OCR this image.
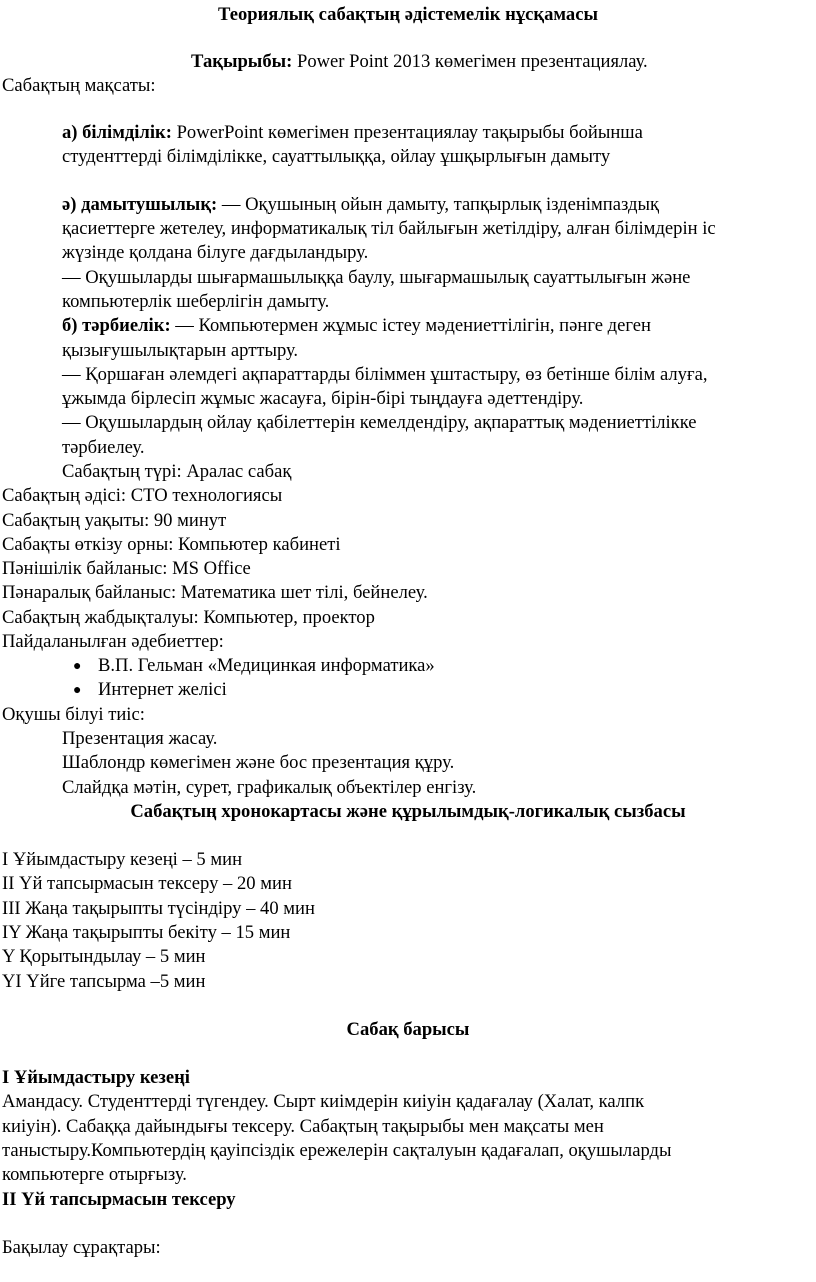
Теориялық сабақтың әдістемелік нұсқамасы
Тақырыбы: Power Point 2013 көмегімен презентациялау.
Сабақтың мақсаты:
а) білімділік: PowerPoint көмегімен презентациялау тақырыбы бойынша
студенттерді білімділікке, сауаттылыққа, ойлау ұшқырлығын дамыту
ә) дамытушылық: — Оқушының ойын дамыту, тапқырлық ізденімпаздық
қасиеттерге жетелеу, информатикалық тіл байлығын жетілдіру, алған білімдерін іс
жүзінде қолдана білуге дағдыландыру.
— Оқушыларды шығармашылыққа баулу, шығармашылық сауаттылығын және
компьютерлік шеберлігін дамыту.
б) тәрбиелік: — Компьютермен жұмыс істеу мәдениеттілігін, пәнге деген
қызығушылықтарын арттыру.
— Қоршаған әлемдегі ақпараттарды біліммен ұштастыру, өз бетінше білім алуға,
ұжымда бірлесіп жұмыс жасауға, бірін-бірі тыңдауға әдеттендіру.
— Оқушылардың ойлау қабілеттерін кемелдендіру, ақпараттық мәдениеттілікке
тәрбиелеу.
Сабақтың түрі: Аралас сабақ
Сабақтың әдісі: СТО технологиясы
Сабақтың уақыты: 90 минут
Сабақты өткізу орны: Компьютер кабинеті
Пәнішілік байланыс: MS Office
Пәнаралық байланыс: Математика шет тілі, бейнелеу.
Сабақтың жабдықталуы: Компьютер, проектор
Пайдаланылған әдебиеттер:
● В.П. Гельман «Медицинкая информатика»
● Интернет желісі
Оқушы білуі тиіс:
Презентация жасау.
Шаблондр көмегімен және бос презентация құру.
Слайдқа мәтін, сурет, графикалық объектілер енгізу.
Сабақтың хронокартасы және құрылымдық-логикалық сызбасы
I Ұйымдастыру кезеңі – 5 мин
II Үй тапсырмасын тексеру – 20 мин
III Жаңа тақырыпты түсіндіру – 40 мин
IY Жаңа тақырыпты бекіту – 15 мин
Y Қорытындылау – 5 мин
YI Үйге тапсырма –5 мин
Сабақ барысы
I Ұйымдастыру кезеңі
Амандасу. Студенттерді түгендеу. Сырт киімдерін киіуін қадағалау (Халат, калпк
киіуін). Сабаққа дайындығы тексеру. Сабақтың тақырыбы мен мақсаты мен
таныстыру.Компьютердің қауіпсіздік ережелерін сақталуын қадағалап, оқушыларды
компьютерге отырғызу.
II Үй тапсырмасын тексеру
Бақылау сұрақтары:
